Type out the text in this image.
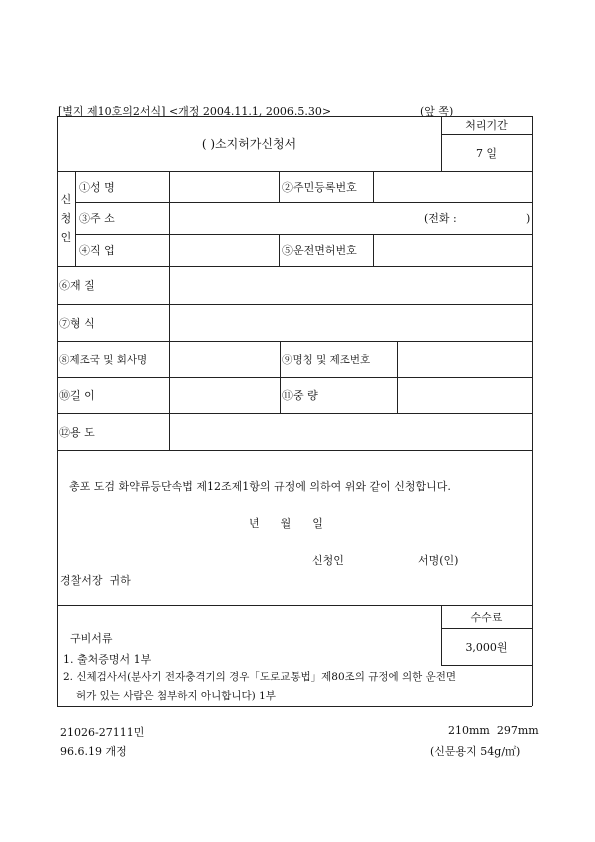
[별지 제10호의2서식] <개정 2004.11.1, 2006.5.30>	(앞 쪽)
( )소지허가신청서
처리기간
7 일
신
청
인
①성 명	②주민등록번호
③주 소	(전화 :	)
④직 업	⑤운전면허번호
⑥재 질
⑦형 식
⑧제조국 및 회사명	⑨명칭 및 제조번호
⑩길 이	⑪중 량
⑫용 도
총포 도검 화약류등단속법 제12조제1항의 규정에 의하여 위와 같이 신청합니다.
년      월      일
신청인	서명(인)
경찰서장  귀하
구비서류
1. 출처증명서 1부
2. 신체검사서(분사기 전자충격기의 경우「도로교통법」제80조의 규정에 의한 운전면
허가 있는 사람은 첨부하지 아니합니다) 1부
수수료
3,000원
21026-27111민	210mm  297mm
96.6.19 개정	(신문용지 54g/㎡)
